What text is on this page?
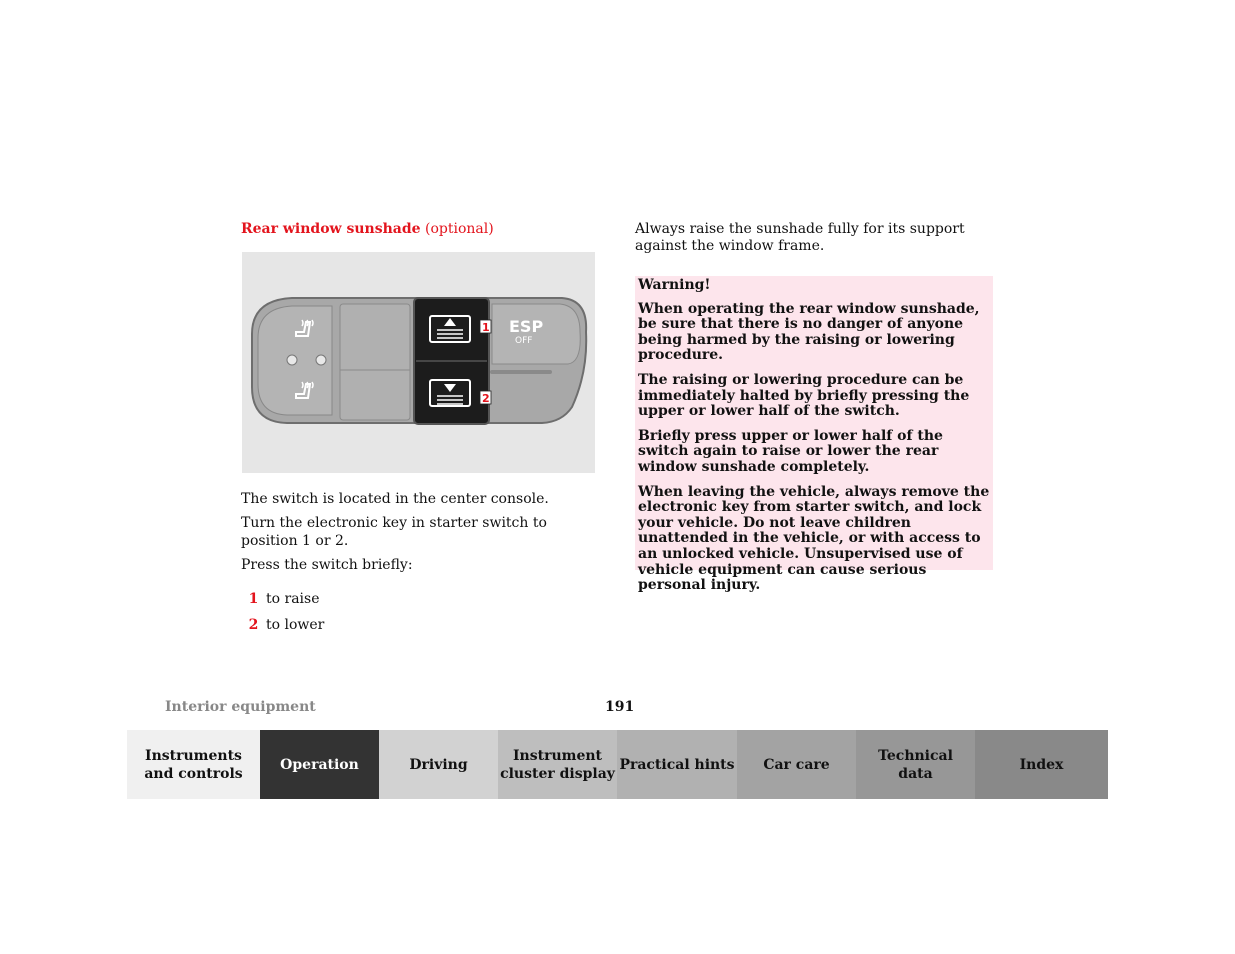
Rear window sunshade (optional)
ESP
OFF
1
2
The switch is located in the center console.
Turn the electronic key in starter switch to position 1 or 2.
Press the switch briefly:
1 to raise
2 to lower
Always raise the sunshade fully for its support against the window frame.

Warning!

When operating the rear window sunshade, be sure that there is no danger of anyone being harmed by the raising or lowering procedure.

The raising or lowering procedure can be immediately halted by briefly pressing the upper or lower half of the switch.

Briefly press upper or lower half of the switch again to raise or lower the rear window sunshade completely.

When leaving the vehicle, always remove the electronic key from starter switch, and lock your vehicle. Do not leave children unattended in the vehicle, or with access to an unlocked vehicle. Unsupervised use of vehicle equipment can cause serious personal injury.

Interior equipment	191
Instruments
and controls
Operation	Driving
Instrument
cluster display
Practical hints	Car care
Technical
data
Index
